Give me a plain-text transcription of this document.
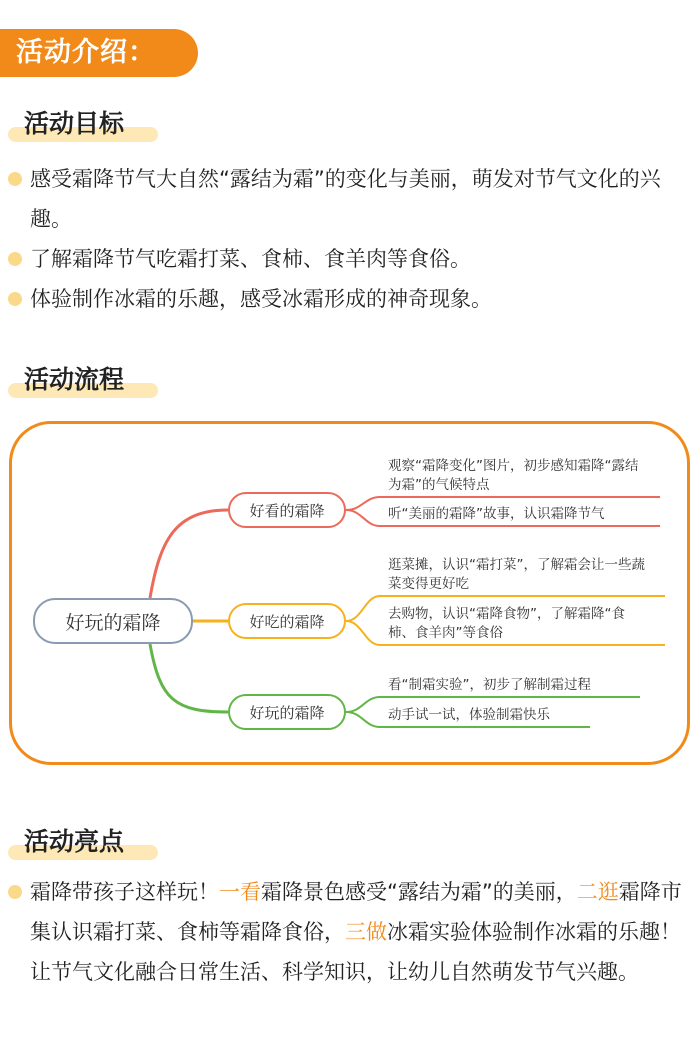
活动介绍：
活动目标
感受霜降节气大自然“露结为霜”的变化与美丽，萌发对节气文化的兴趣。
了解霜降节气吃霜打菜、食柿、食羊肉等食俗。
体验制作冰霜的乐趣，感受冰霜形成的神奇现象。
活动流程
好玩的霜降
好看的霜降
好吃的霜降
好玩的霜降
观察“霜降变化”图片，初步感知霜降“露结为霜”的气候特点
听“美丽的霜降”故事，认识霜降节气
逛菜摊，认识“霜打菜”，了解霜会让一些蔬菜变得更好吃
去购物，认识“霜降食物”，了解霜降“食柿、食羊肉”等食俗
看“制霜实验”，初步了解制霜过程
动手试一试，体验制霜快乐
活动亮点
霜降带孩子这样玩！一看霜降景色感受“露结为霜”的美丽，二逛霜降市集认识霜打菜、食柿等霜降食俗，三做冰霜实验体验制作冰霜的乐趣！让节气文化融合日常生活、科学知识，让幼儿自然萌发节气兴趣。
